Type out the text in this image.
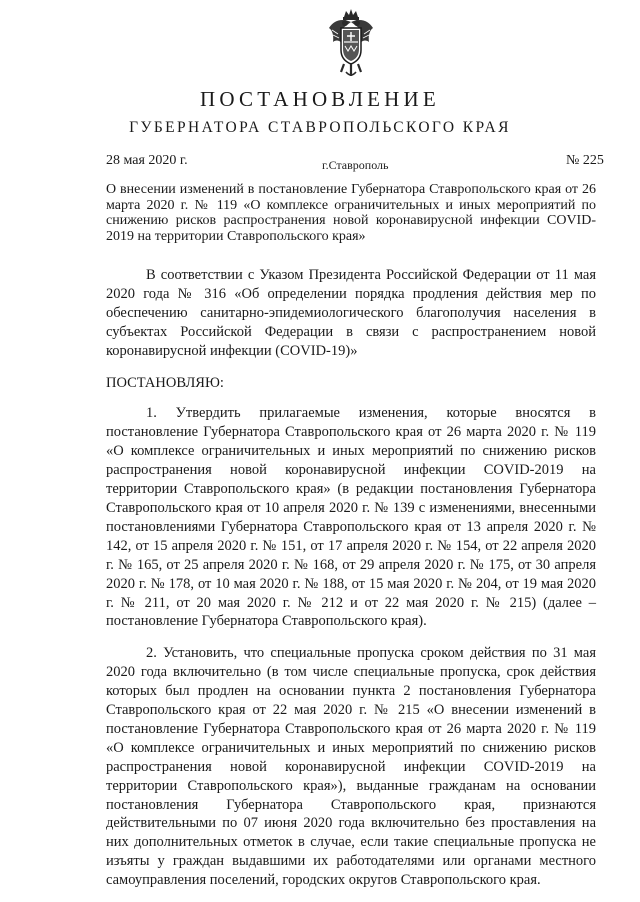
ПОСТАНОВЛЕНИЕ
ГУБЕРНАТОРА СТАВРОПОЛЬСКОГО КРАЯ
28 мая 2020 г.	г.Ставрополь	№ 225
О внесении изменений в постановление Губернатора Ставропольского края от 26 марта 2020 г. № 119 «О комплексе ограничительных и иных мероприятий по снижению рисков распространения новой коронавирусной инфекции COVID-2019 на территории Ставропольского края»

В соответствии с Указом Президента Российской Федерации от 11 мая 2020 года № 316 «Об определении порядка продления действия мер по обеспечению санитарно-эпидемиологического благополучия населения в субъектах Российской Федерации в связи с распространением новой коронавирусной инфекции (COVID-19)»

ПОСТАНОВЛЯЮ:

1. Утвердить прилагаемые изменения, которые вносятся в постановление Губернатора Ставропольского края от 26 марта 2020 г. № 119 «О комплексе ограничительных и иных мероприятий по снижению рисков распространения новой коронавирусной инфекции COVID-2019 на территории Ставропольского края» (в редакции постановления Губернатора Ставропольского края от 10 апреля 2020 г. № 139 с изменениями, внесенными постановлениями Губернатора Ставропольского края от 13 апреля 2020 г. № 142, от 15 апреля 2020 г. № 151, от 17 апреля 2020 г. № 154, от 22 апреля 2020 г. № 165, от 25 апреля 2020 г. № 168, от 29 апреля 2020 г. № 175, от 30 апреля 2020 г. № 178, от 10 мая 2020 г. № 188, от 15 мая 2020 г. № 204, от 19 мая 2020 г. № 211, от 20 мая 2020 г. № 212 и от 22 мая 2020 г. № 215) (далее – постановление Губернатора Ставропольского края).

2. Установить, что специальные пропуска сроком действия по 31 мая 2020 года включительно (в том числе специальные пропуска, срок действия которых был продлен на основании пункта 2 постановления Губернатора Ставропольского края от 22 мая 2020 г. № 215 «О внесении изменений в постановление Губернатора Ставропольского края от 26 марта 2020 г. № 119 «О комплексе ограничительных и иных мероприятий по снижению рисков распространения новой коронавирусной инфекции COVID-2019 на территории Ставропольского края»), выданные гражданам на основании постановления Губернатора Ставропольского края, признаются действительными по 07 июня 2020 года включительно без проставления на них дополнительных отметок в случае, если такие специальные пропуска не изъяты у граждан выдавшими их работодателями или органами местного самоуправления поселений, городских округов Ставропольского края.
